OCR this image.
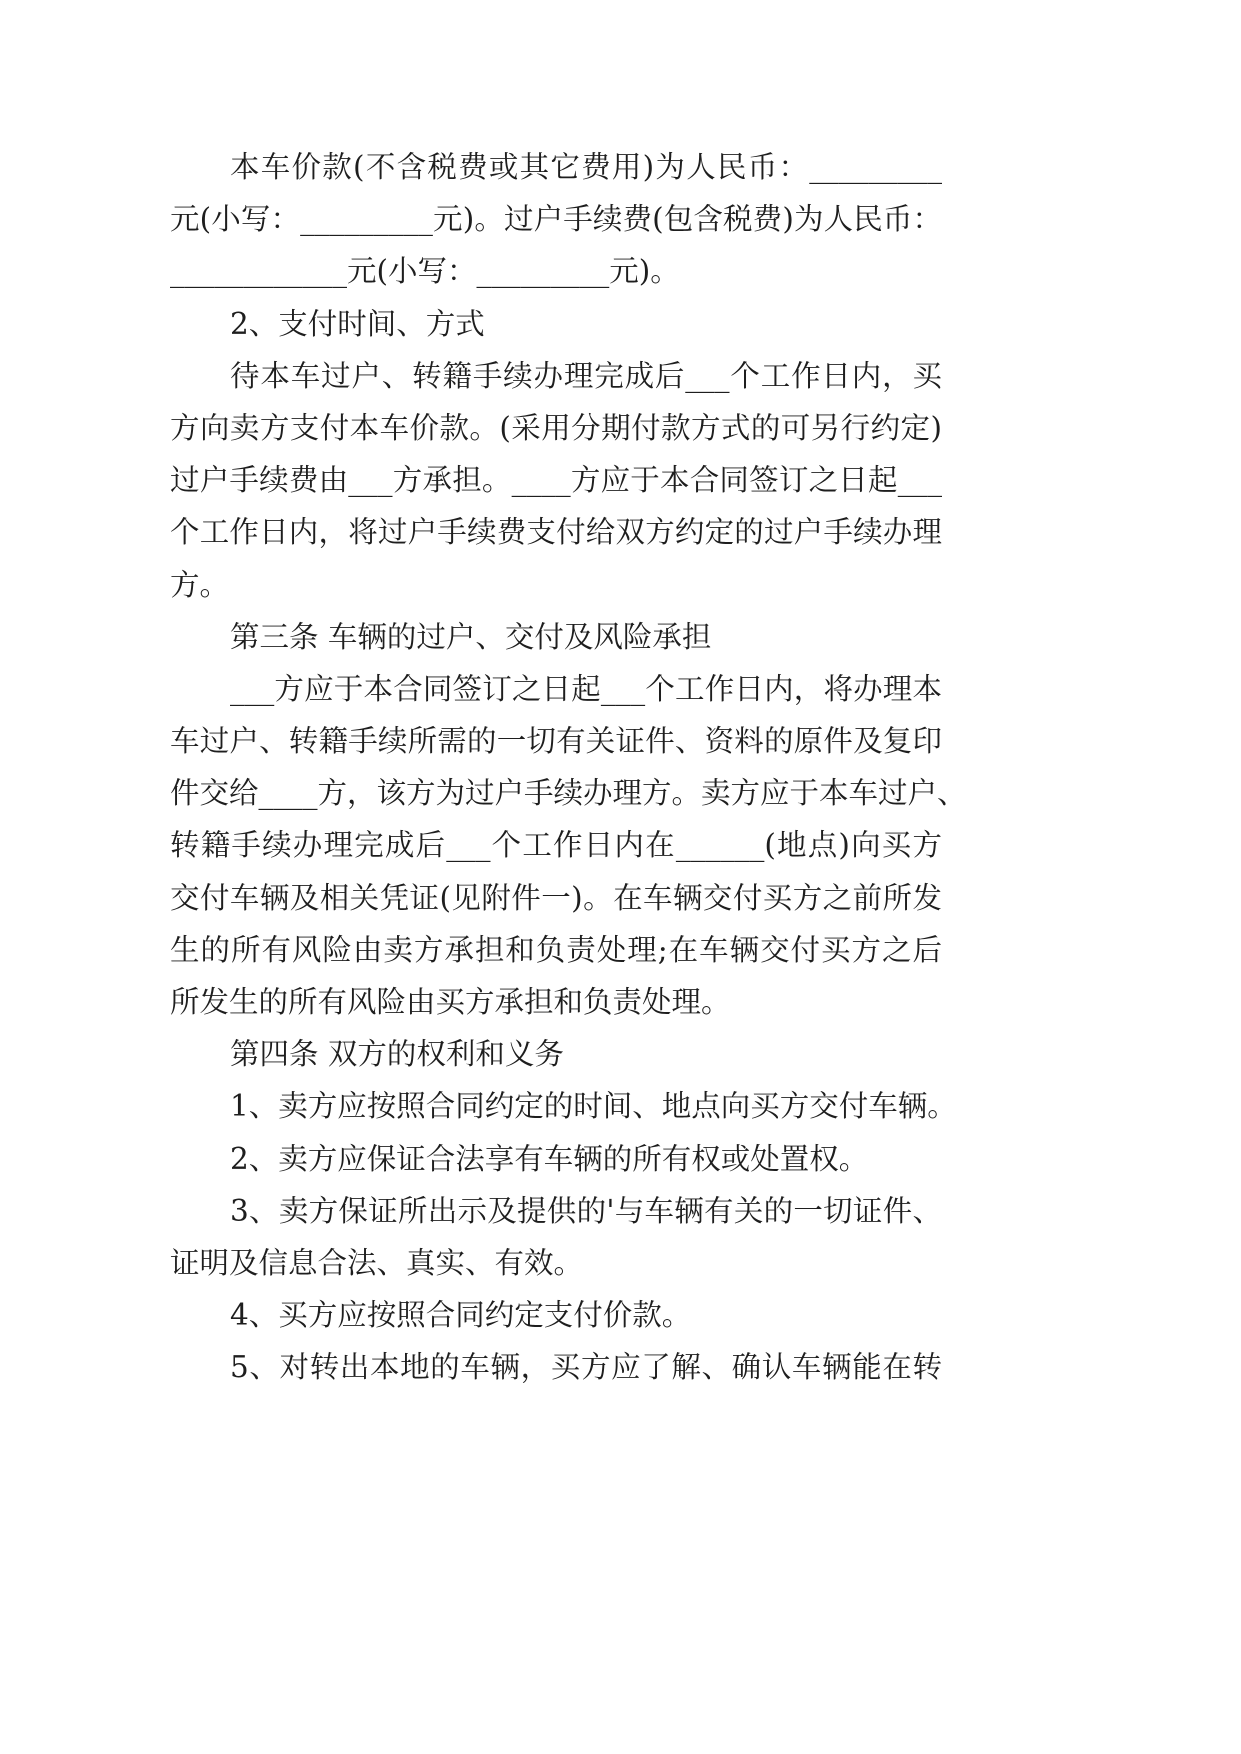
本车价款(不含税费或其它费用)为人民币：_________
元(小写：_________元)。过户手续费(包含税费)为人民币：
____________元(小写：_________元)。
2、支付时间、方式
待本车过户、转籍手续办理完成后___个工作日内，买
方向卖方支付本车价款。(采用分期付款方式的可另行约定)
过户手续费由___方承担。____方应于本合同签订之日起___
个工作日内，将过户手续费支付给双方约定的过户手续办理
方。
第三条 车辆的过户、交付及风险承担
___方应于本合同签订之日起___个工作日内，将办理本
车过户、转籍手续所需的一切有关证件、资料的原件及复印
件交给____方，该方为过户手续办理方。卖方应于本车过户、
转籍手续办理完成后___个工作日内在______(地点)向买方
交付车辆及相关凭证(见附件一)。在车辆交付买方之前所发
生的所有风险由卖方承担和负责处理;在车辆交付买方之后
所发生的所有风险由买方承担和负责处理。
第四条 双方的权利和义务
1、卖方应按照合同约定的时间、地点向买方交付车辆。
2、卖方应保证合法享有车辆的所有权或处置权。
3、卖方保证所出示及提供的'与车辆有关的一切证件、
证明及信息合法、真实、有效。
4、买方应按照合同约定支付价款。
5、对转出本地的车辆，买方应了解、确认车辆能在转
